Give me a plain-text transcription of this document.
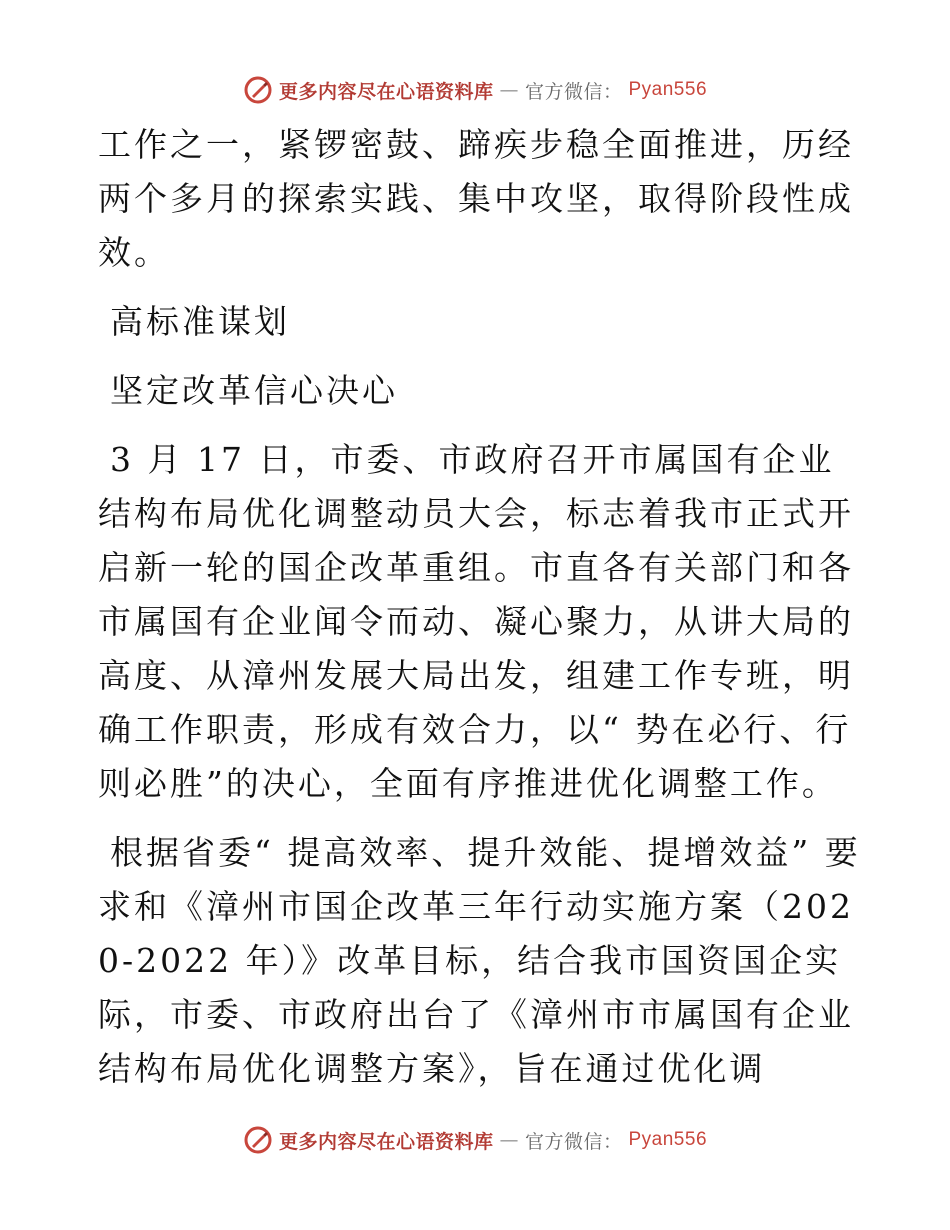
更多内容尽在心语资料库 — 官方微信： Pyan556

工作之一，紧锣密鼓、蹄疾步稳全面推进，历经两个多月的探索实践、集中攻坚，取得阶段性成效。

高标准谋划

坚定改革信心决心

3 月 17 日，市委、市政府召开市属国有企业结构布局优化调整动员大会，标志着我市正式开启新一轮的国企改革重组。市直各有关部门和各市属国有企业闻令而动、凝心聚力，从讲大局的高度、从漳州发展大局出发，组建工作专班，明确工作职责，形成有效合力，以“ 势在必行、行则必胜”的决心，全面有序推进优化调整工作。

根据省委“ 提高效率、提升效能、提增效益” 要求和《漳州市国企改革三年行动实施方案（2020-2022 年）》改革目标，结合我市国资国企实际，市委、市政府出台了《漳州市市属国有企业结构布局优化调整方案》，旨在通过优化调

更多内容尽在心语资料库 — 官方微信： Pyan556
